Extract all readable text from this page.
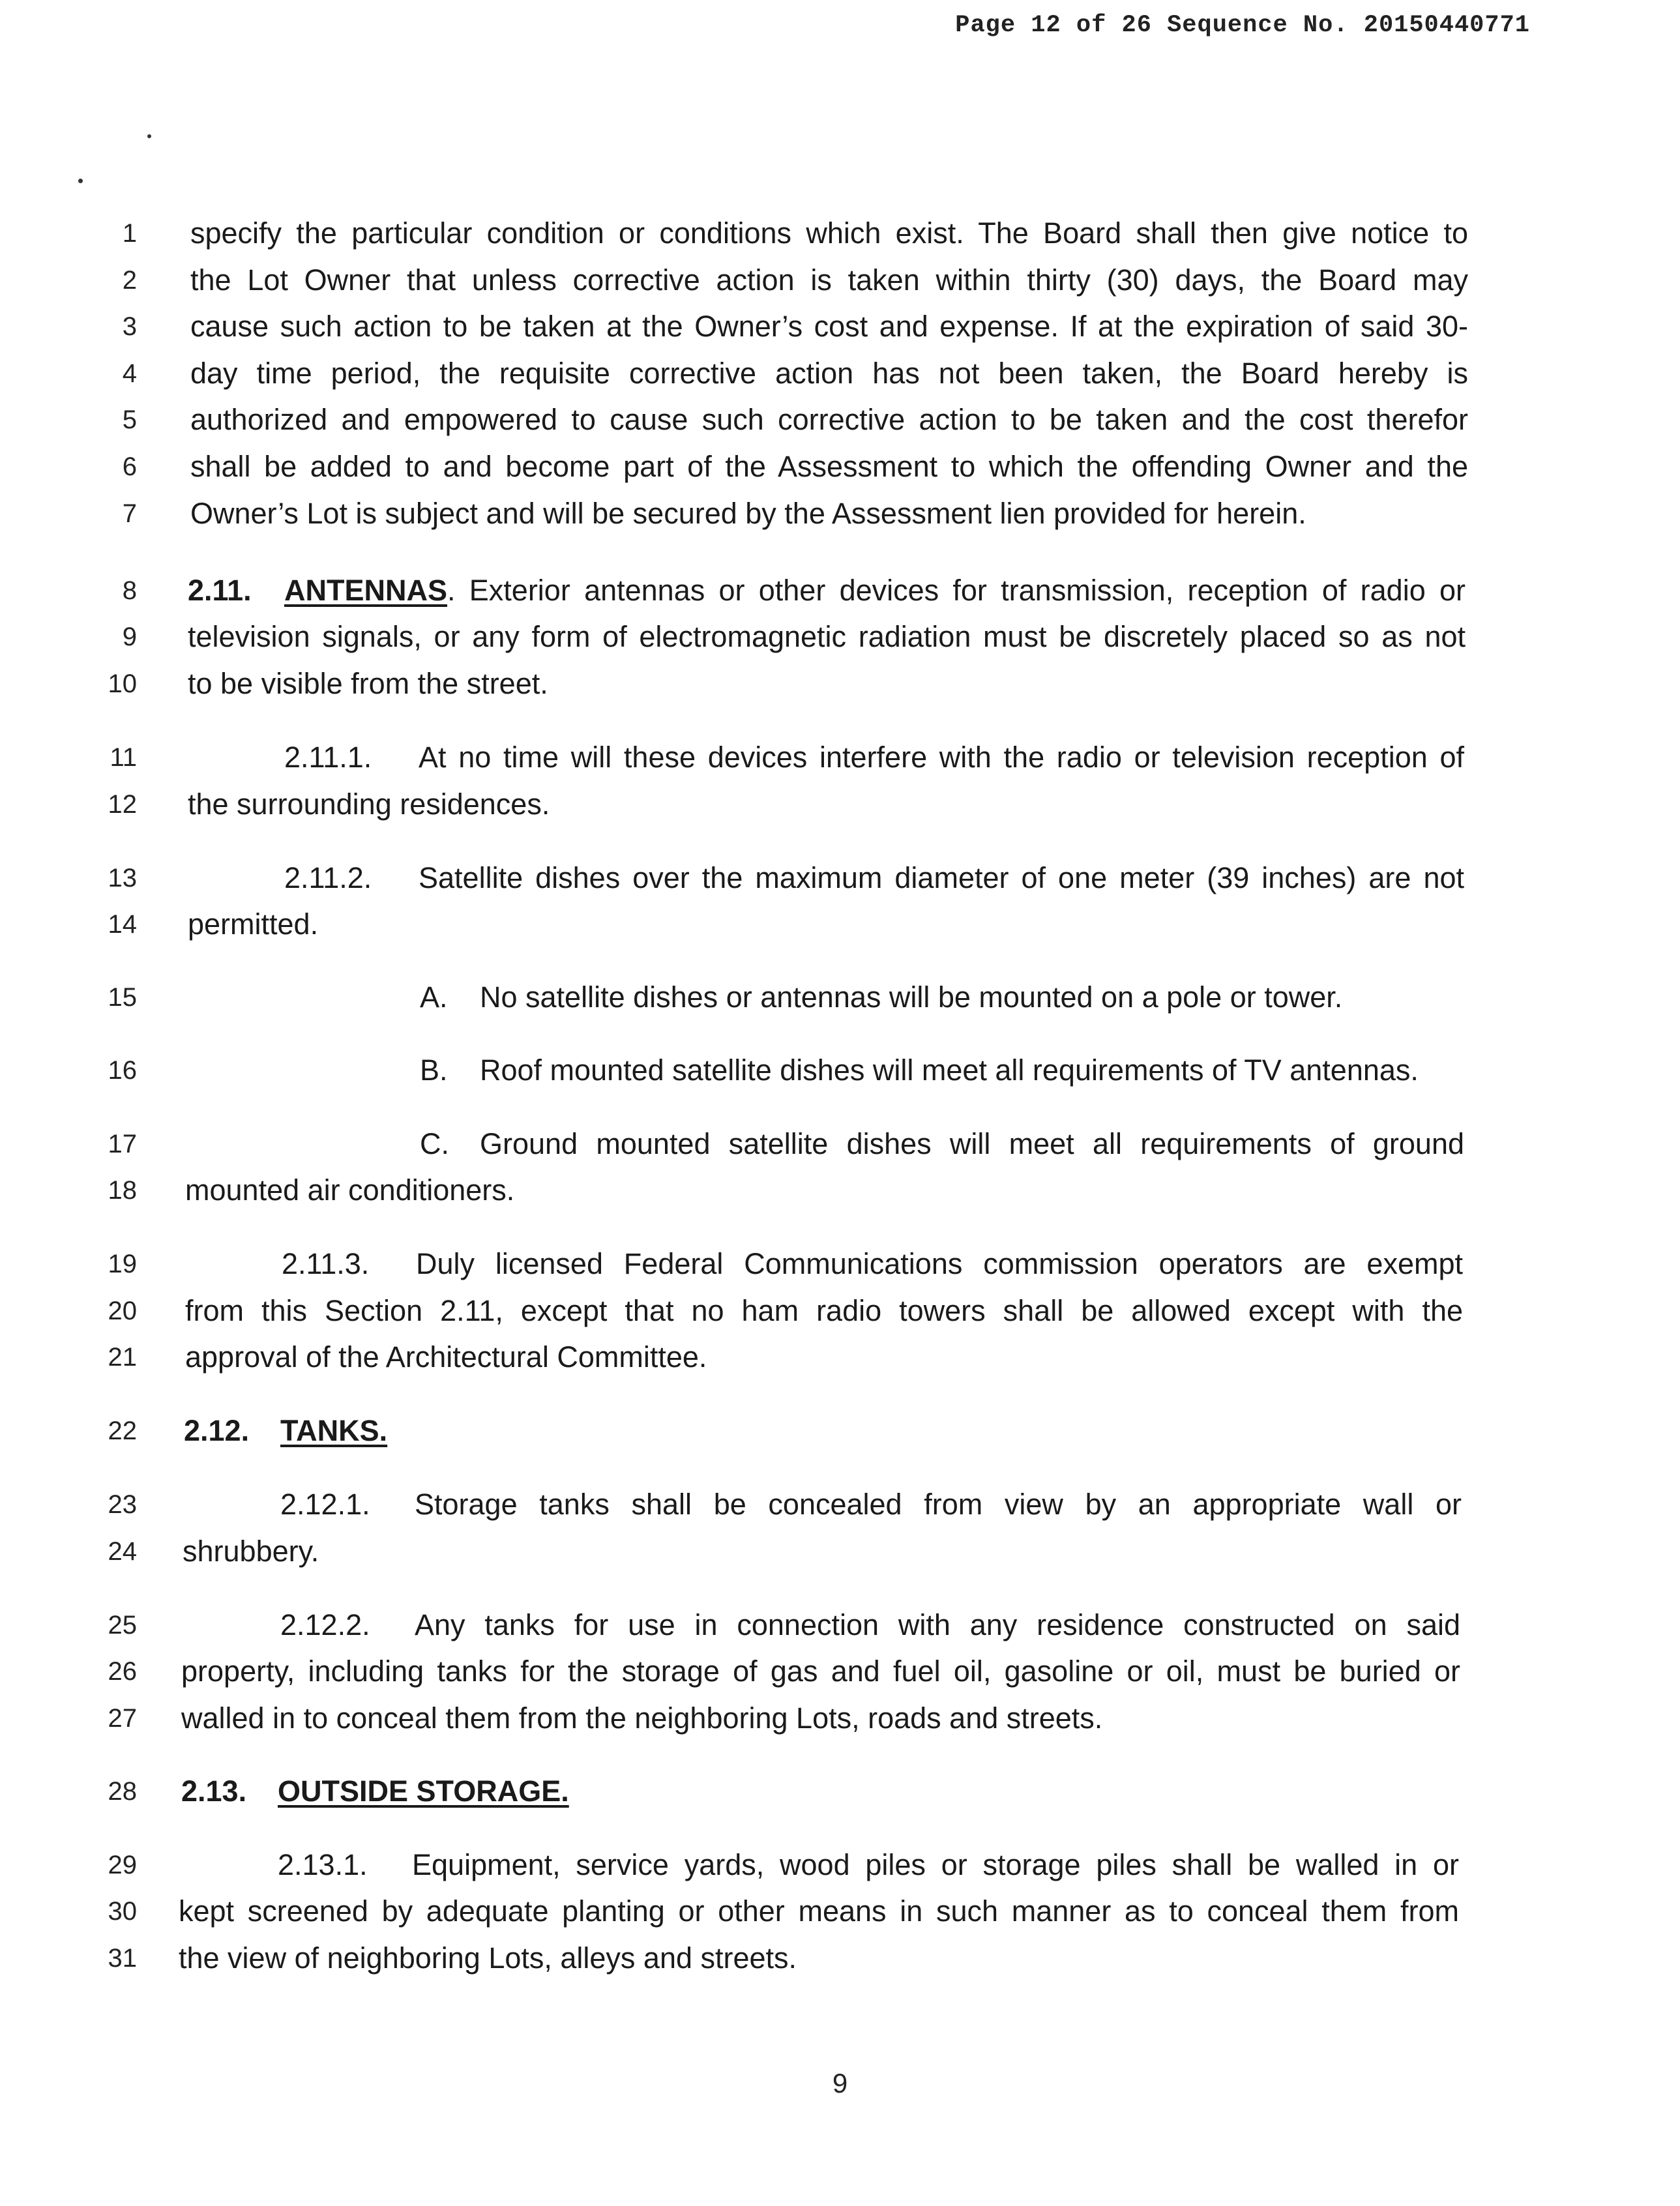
Page 12 of 26 Sequence No. 20150440771
1
2
3
4
5
6
7
8
9
10
11
12
13
14
15
16
17
18
19
20
21
22
23
24
25
26
27
28
29
30
31
specify the particular condition or conditions which exist. The Board shall then give notice to
the Lot Owner that unless corrective action is taken within thirty (30) days, the Board may
cause such action to be taken at the Owner’s cost and expense. If at the expiration of said 30-
day time period, the requisite corrective action has not been taken, the Board hereby is
authorized and empowered to cause such corrective action to be taken and the cost therefor
shall be added to and become part of the Assessment to which the offending Owner and the
Owner’s Lot is subject and will be secured by the Assessment lien provided for herein.
2.11.	ANTENNAS . Exterior antennas or other devices for transmission, reception of radio or
television signals, or any form of electromagnetic radiation must be discretely placed so as not
to be visible from the street.
2.11.1.	At no time will these devices interfere with the radio or television reception of
the surrounding residences.
2.11.2.	Satellite dishes over the maximum diameter of one meter (39 inches) are not
permitted.
A. No satellite dishes or antennas will be mounted on a pole or tower.
B. Roof mounted satellite dishes will meet all requirements of TV antennas.
C.	Ground mounted satellite dishes will meet all requirements of ground
mounted air conditioners.
2.11.3.	Duly licensed Federal Communications commission operators are exempt
from this Section 2.11, except that no ham radio towers shall be allowed except with the
approval of the Architectural Committee.
2.12. TANKS.
2.12.1.	Storage tanks shall be concealed from view by an appropriate wall or
shrubbery.
2.12.2.	Any tanks for use in connection with any residence constructed on said
property, including tanks for the storage of gas and fuel oil, gasoline or oil, must be buried or
walled in to conceal them from the neighboring Lots, roads and streets.
2.13. OUTSIDE STORAGE.
2.13.1.	Equipment, service yards, wood piles or storage piles shall be walled in or
kept screened by adequate planting or other means in such manner as to conceal them from
the view of neighboring Lots, alleys and streets.
9
